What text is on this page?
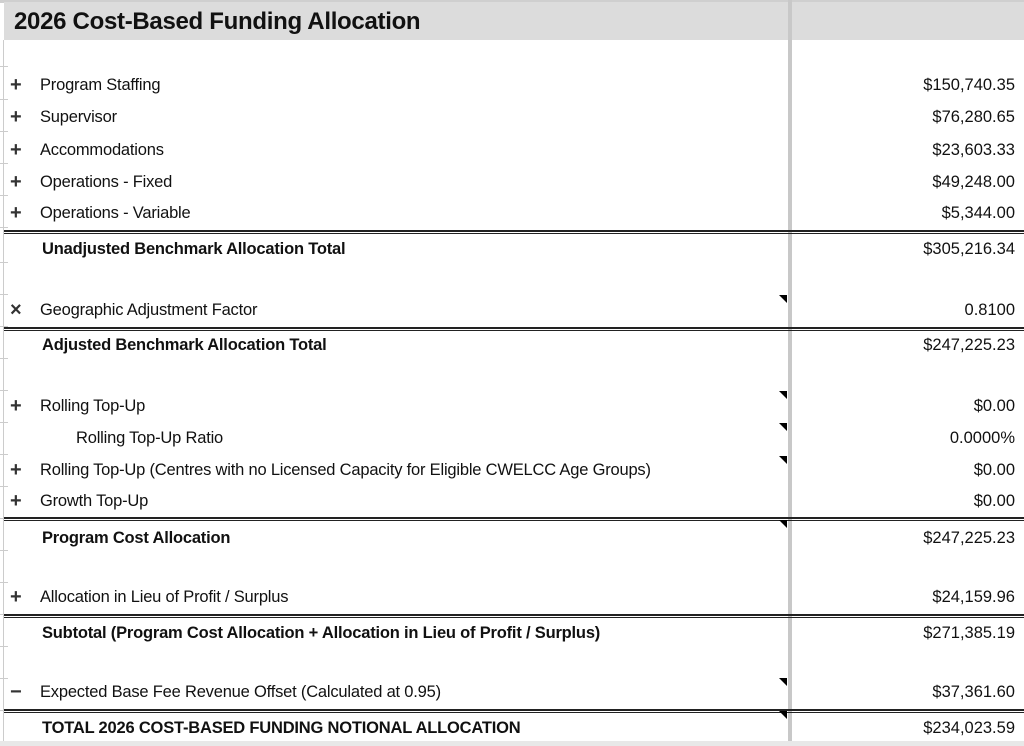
2026 Cost-Based Funding Allocation
+	Program Staffing	$150,740.35
+	Supervisor	$76,280.65
+	Accommodations	$23,603.33
+	Operations - Fixed	$49,248.00
+	Operations - Variable	$5,344.00
Unadjusted Benchmark Allocation Total	$305,216.34
×	Geographic Adjustment Factor	0.8100
Adjusted Benchmark Allocation Total	$247,225.23
+	Rolling Top-Up	$0.00
Rolling Top-Up Ratio	0.0000%
+	Rolling Top-Up (Centres with no Licensed Capacity for Eligible CWELCC Age Groups)	$0.00
+	Growth Top-Up	$0.00
Program Cost Allocation	$247,225.23
+	Allocation in Lieu of Profit / Surplus	$24,159.96
Subtotal (Program Cost Allocation + Allocation in Lieu of Profit / Surplus)	$271,385.19
−	Expected Base Fee Revenue Offset (Calculated at 0.95)	$37,361.60
TOTAL 2026 COST-BASED FUNDING NOTIONAL ALLOCATION	$234,023.59
